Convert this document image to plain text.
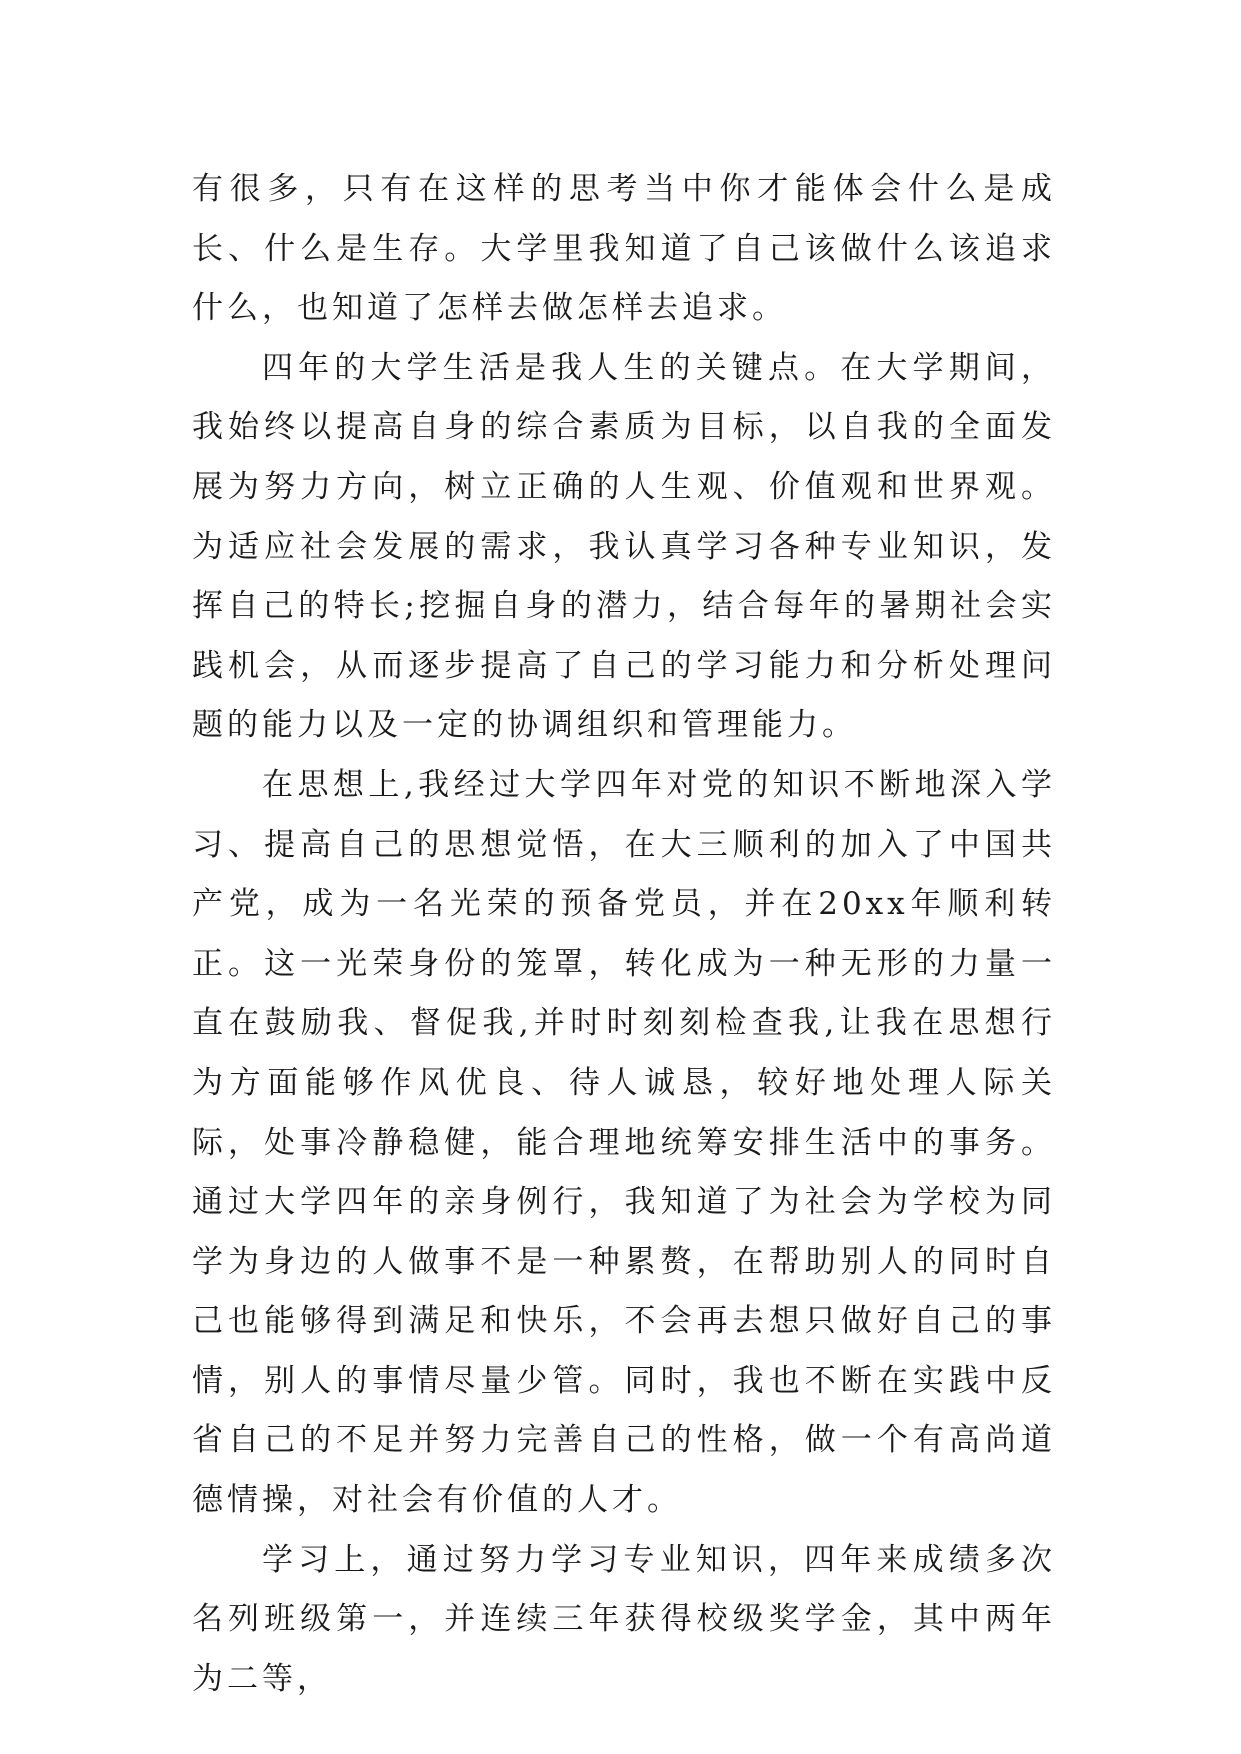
有很多，只有在这样的思考当中你才能体会什么是成长、什么是生存。大学里我知道了自己该做什么该追求什么，也知道了怎样去做怎样去追求。

四年的大学生活是我人生的关键点。在大学期间，我始终以提高自身的综合素质为目标，以自我的全面发展为努力方向，树立正确的人生观、价值观和世界观。为适应社会发展的需求，我认真学习各种专业知识，发挥自己的特长;挖掘自身的潜力，结合每年的暑期社会实践机会，从而逐步提高了自己的学习能力和分析处理问题的能力以及一定的协调组织和管理能力。

在思想上,我经过大学四年对党的知识不断地深入学习、提高自己的思想觉悟，在大三顺利的加入了中国共产党，成为一名光荣的预备党员，并在20xx年顺利转正。这一光荣身份的笼罩，转化成为一种无形的力量一直在鼓励我、督促我,并时时刻刻检查我,让我在思想行为方面能够作风优良、待人诚恳，较好地处理人际关际，处事冷静稳健，能合理地统筹安排生活中的事务。通过大学四年的亲身例行，我知道了为社会为学校为同学为身边的人做事不是一种累赘，在帮助别人的同时自己也能够得到满足和快乐，不会再去想只做好自己的事情，别人的事情尽量少管。同时，我也不断在实践中反省自己的不足并努力完善自己的性格，做一个有高尚道德情操，对社会有价值的人才。

学习上，通过努力学习专业知识，四年来成绩多次名列班级第一，并连续三年获得校级奖学金，其中两年为二等，
